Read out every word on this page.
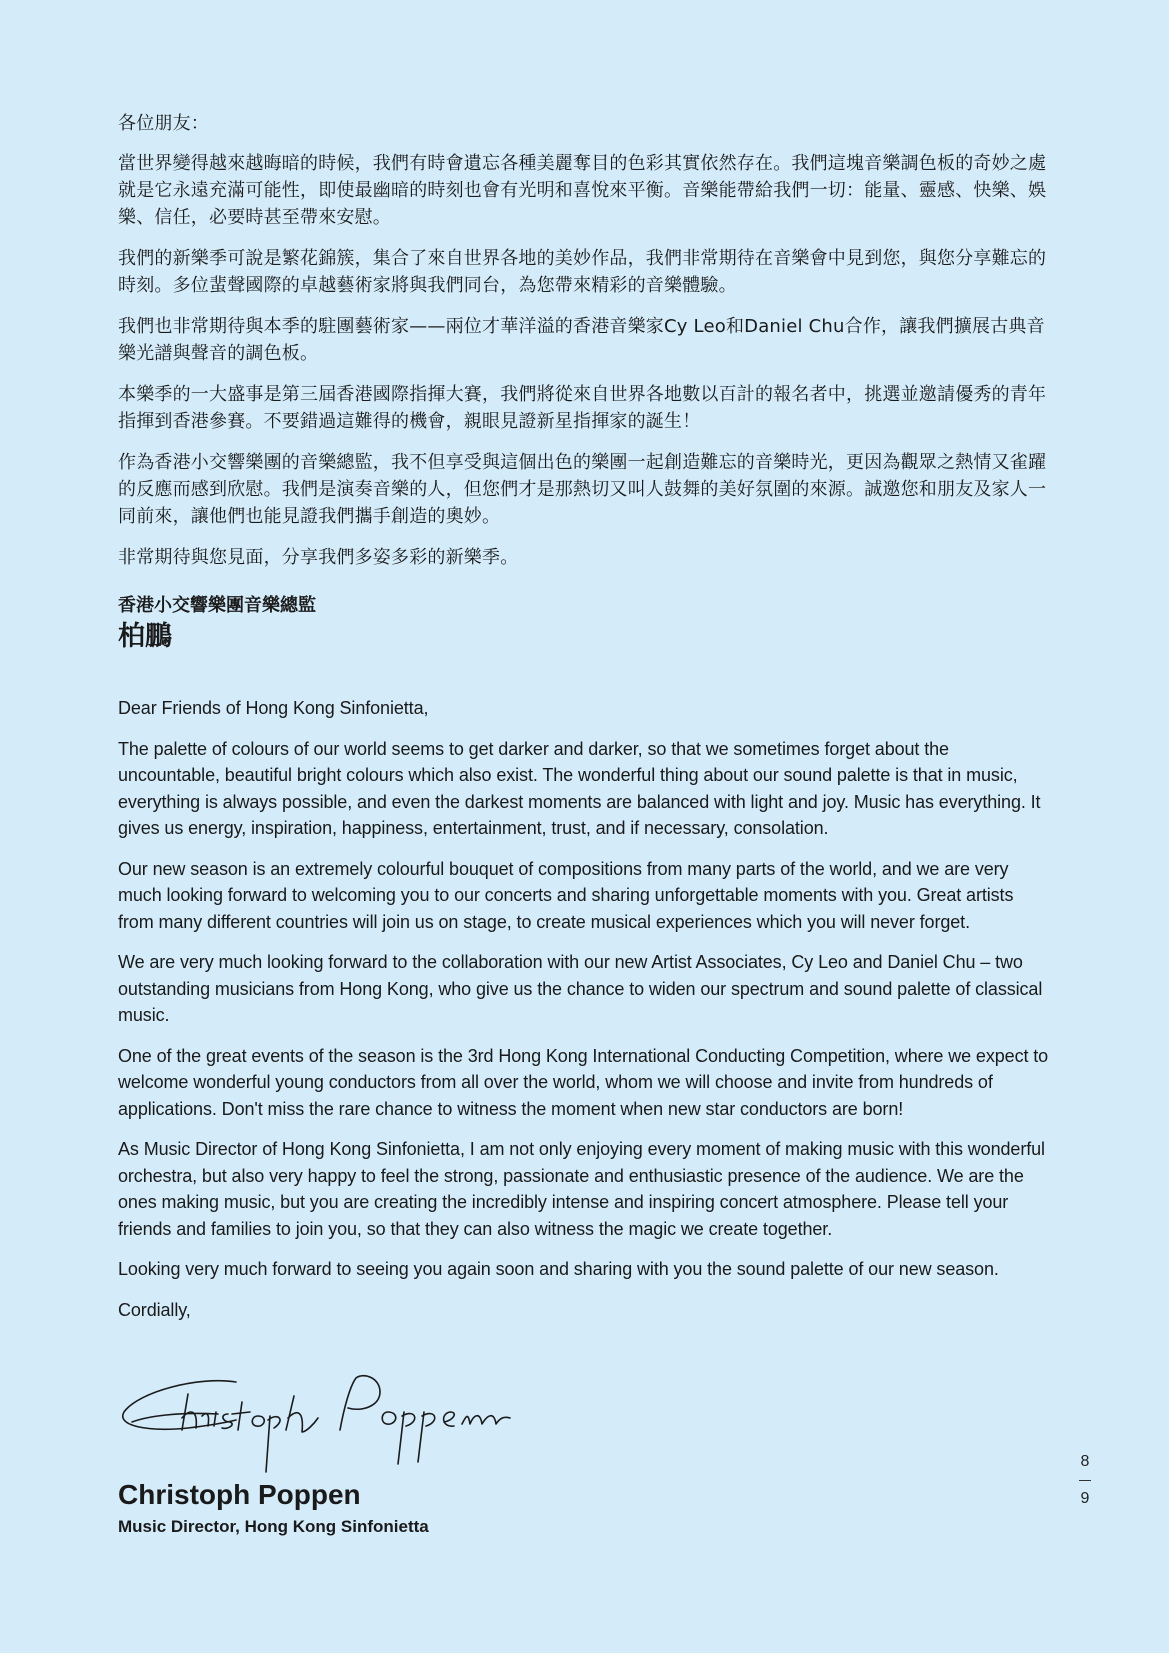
各位朋友：

當世界變得越來越晦暗的時候，我們有時會遺忘各種美麗奪目的色彩其實依然存在。我們這塊音樂調色板的奇妙之處就是它永遠充滿可能性，即使最幽暗的時刻也會有光明和喜悅來平衡。音樂能帶給我們一切：能量、靈感、快樂、娛樂、信任，必要時甚至帶來安慰。

我們的新樂季可說是繁花錦簇，集合了來自世界各地的美妙作品，我們非常期待在音樂會中見到您，與您分享難忘的時刻。多位蜚聲國際的卓越藝術家將與我們同台，為您帶來精彩的音樂體驗。

我們也非常期待與本季的駐團藝術家——兩位才華洋溢的香港音樂家Cy Leo和Daniel Chu合作，讓我們擴展古典音樂光譜與聲音的調色板。

本樂季的一大盛事是第三屆香港國際指揮大賽，我們將從來自世界各地數以百計的報名者中，挑選並邀請優秀的青年指揮到香港參賽。不要錯過這難得的機會，親眼見證新星指揮家的誕生！

作為香港小交響樂團的音樂總監，我不但享受與這個出色的樂團一起創造難忘的音樂時光，更因為觀眾之熱情又雀躍的反應而感到欣慰。我們是演奏音樂的人，但您們才是那熱切又叫人鼓舞的美好氛圍的來源。誠邀您和朋友及家人一同前來，讓他們也能見證我們攜手創造的奧妙。

非常期待與您見面，分享我們多姿多彩的新樂季。

香港小交響樂團音樂總監
柏鵬

Dear Friends of Hong Kong Sinfonietta,

The palette of colours of our world seems to get darker and darker, so that we sometimes forget about the uncountable, beautiful bright colours which also exist. The wonderful thing about our sound palette is that in music, everything is always possible, and even the darkest moments are balanced with light and joy. Music has everything. It gives us energy, inspiration, happiness, entertainment, trust, and if necessary, consolation.

Our new season is an extremely colourful bouquet of compositions from many parts of the world, and we are very much looking forward to welcoming you to our concerts and sharing unforgettable moments with you. Great artists from many different countries will join us on stage, to create musical experiences which you will never forget.

We are very much looking forward to the collaboration with our new Artist Associates, Cy Leo and Daniel Chu – two outstanding musicians from Hong Kong, who give us the chance to widen our spectrum and sound palette of classical music.

One of the great events of the season is the 3rd Hong Kong International Conducting Competition, where we expect to welcome wonderful young conductors from all over the world, whom we will choose and invite from hundreds of applications. Don't miss the rare chance to witness the moment when new star conductors are born!

As Music Director of Hong Kong Sinfonietta, I am not only enjoying every moment of making music with this wonderful orchestra, but also very happy to feel the strong, passionate and enthusiastic presence of the audience. We are the ones making music, but you are creating the incredibly intense and inspiring concert atmosphere. Please tell your friends and families to join you, so that they can also witness the magic we create together.

Looking very much forward to seeing you again soon and sharing with you the sound palette of our new season.

Cordially,

Christoph Poppen
Music Director, Hong Kong Sinfonietta
8
9
